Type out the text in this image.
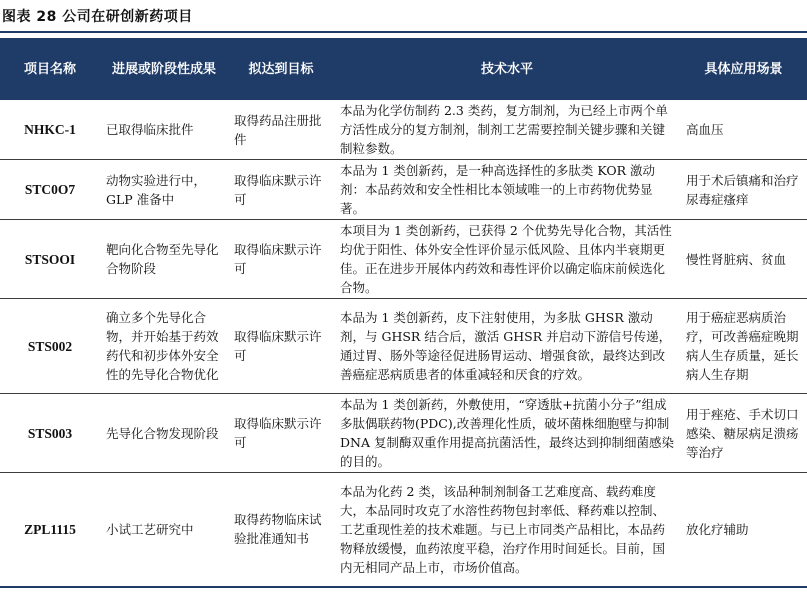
图表 28 公司在研创新药项目
项目名称	进展或阶段性成果	拟达到目标	技术水平	具体应用场景
NHKC-1	已取得临床批件	取得药品注册批件	本品为化学仿制药 2.3 类药，复方制剂，为已经上市两个单方活性成分的复方制剂，制剂工艺需要控制关键步骤和关键制粒参数。	高血压
STC0O7	动物实验进行中，GLP 准备中	取得临床默示许可	本品为 1 类创新药，是一种高选择性的多肽类 KOR 激动剂：本品药效和安全性相比本领域唯一的上市药物优势显著。	用于术后镇痛和治疗尿毒症瘙痒
STSOOI	靶向化合物至先导化合物阶段	取得临床默示许可	本项目为 1 类创新药，已获得 2 个优势先导化合物，其活性均优于阳性、体外安全性评价显示低风险、且体内半衰期更佳。正在进步开展体内药效和毒性评价以确定临床前候选化合物。	慢性肾脏病、贫血
STS002	确立多个先导化合物，并开始基于药效药代和初步体外安全性的先导化合物优化	取得临床默示许可	本品为 1 类创新药，皮下注射使用，为多肽 GHSR 激动剂，与 GHSR 结合后，激活 GHSR 并启动下游信号传递，通过胃、肠外等途径促进肠胃运动、增强食欲，最终达到改善癌症恶病质患者的体重减轻和厌食的疗效。	用于癌症恶病质治疗，可改善癌症晚期病人生存质量，延长病人生存期
STS003	先导化合物发现阶段	取得临床默示许可	本品为 1 类创新药，外敷使用，“穿透肽+抗菌小分子”组成多肽偶联药物(PDC),改善理化性质，破坏菌株细胞壁与抑制 DNA 复制酶双重作用提高抗菌活性，最终达到抑制细菌感染的目的。	用于痤疮、手术切口感染、糖尿病足溃疡等治疗
ZPL1115	小试工艺研究中	取得药物临床试验批准通知书	本品为化药 2 类，该品种制剂制备工艺难度高、载药难度大，本品同时攻克了水溶性药物包封率低、释药难以控制、工艺重现性差的技术难题。与已上市同类产品相比，本品药物释放缓慢，血药浓度平稳，治疗作用时间延长。目前，国内无相同产品上市，市场价值高。	放化疗辅助
